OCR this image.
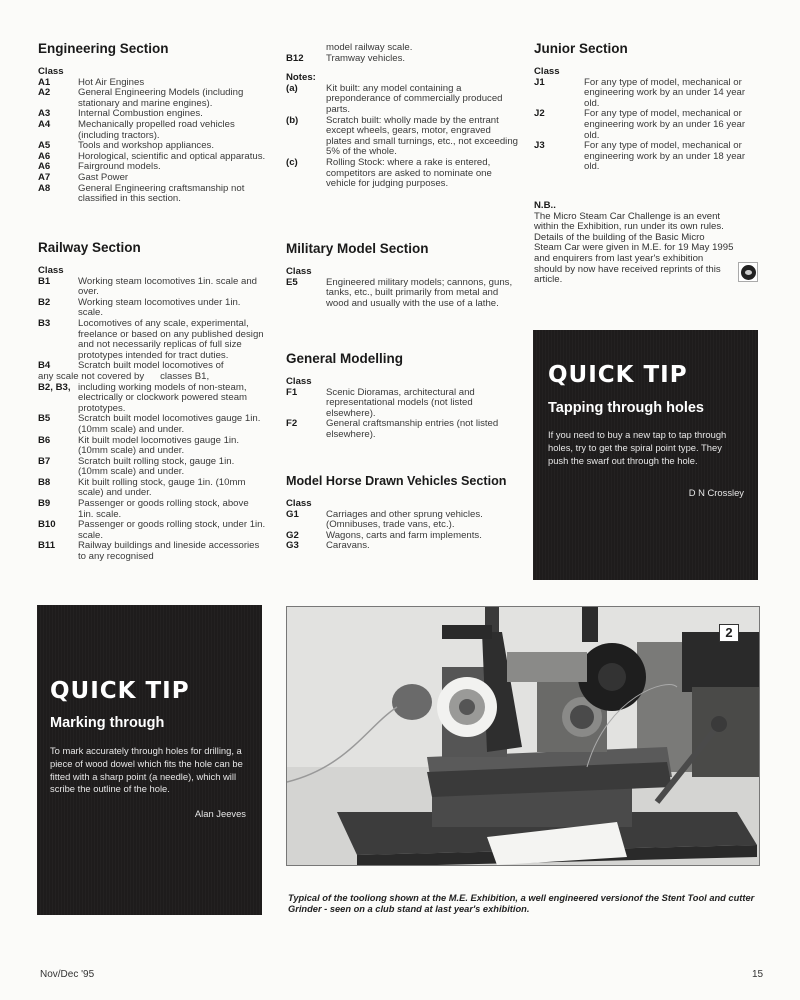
Engineering Section
Class
A1	Hot Air Engines
A2	General Engineering Models (including stationary and marine engines).
A3	Internal Combustion engines.
A4	Mechanically propelled road vehicles (including tractors).
A5	Tools and workshop appliances.
A6	Horological, scientific and optical apparatus.
A6	Fairground models.
A7	Gast Power
A8	General Engineering craftsmanship not classified in this section.
Railway Section
Class
B1	Working steam locomotives 1in. scale and over.
B2	Working steam locomotives under 1in. scale.
B3	Locomotives of any scale, experimental, freelance or based on any published design and not necessarily replicas of full size prototypes intended for tract duties.
B4	Scratch built model locomotives of
any scale not covered by      classes B1,
B2, B3, including working models of non-steam, electrically or clockwork powered steam prototypes.
B5	Scratch built model locomotives gauge 1in. (10mm scale) and under.
B6	Kit built model locomotives gauge 1in. (10mm scale) and under.
B7	Scratch built rolling stock, gauge 1in. (10mm scale) and under.
B8	Kit built rolling stock, gauge 1in. (10mm scale) and under.
B9	Passenger or goods rolling stock, above 1in. scale.
B10	Passenger or goods rolling stock, under 1in. scale.
B11	Railway buildings and lineside accessories to any recognised
model railway scale.
B12	Tramway vehicles.
Notes:
(a)	Kit built: any model containing a preponderance of commercially produced parts.
(b)	Scratch built: wholly made by the entrant except wheels, gears, motor, engraved plates and small turnings, etc., not exceeding 5% of the whole.
(c)	Rolling Stock: where a rake is entered, competitors are asked to nominate one vehicle for judging purposes.
Military Model Section
Class
E5	Engineered military models; cannons, guns, tanks, etc., built primarily from metal and wood and usually with the use of a lathe.
General Modelling
Class
F1	Scenic Dioramas, architectural and representational models (not listed elsewhere).
F2	General craftsmanship entries (not listed elsewhere).
Model Horse Drawn Vehicles Section
Class
G1	Carriages and other sprung vehicles. (Omnibuses, trade vans, etc.).
G2	Wagons, carts and farm implements.
G3	Caravans.
Junior Section
Class
J1	For any type of model, mechanical or engineering work by an under 14 year old.
J2	For any type of model, mechanical or engineering work by an under 16 year old.
J3	For any type of model, mechanical or engineering work by an under 18 year old.
N.B..
The Micro Steam Car Challenge is an event within the Exhibition, run under its own rules. Details of the building of the Basic Micro Steam Car were given in M.E. for 19 May 1995 and enquirers from last year's exhibition should by now have received reprints of this article.
QUICK TIP
Tapping through holes
If you need to buy a new tap to tap through holes, try to get the spiral point type. They push the swarf out through the hole.
D N Crossley
QUICK TIP
Marking through
To mark accurately through holes for drilling, a piece of wood dowel which fits the hole can be fitted with a sharp point (a needle), which will scribe the outline of the hole.
Alan Jeeves
2
Typical of the tooliong shown at the M.E. Exhibition, a well engineered versionof the Stent Tool and cutter Grinder - seen on a club stand at last year's exhibition.
Nov/Dec '95	15
